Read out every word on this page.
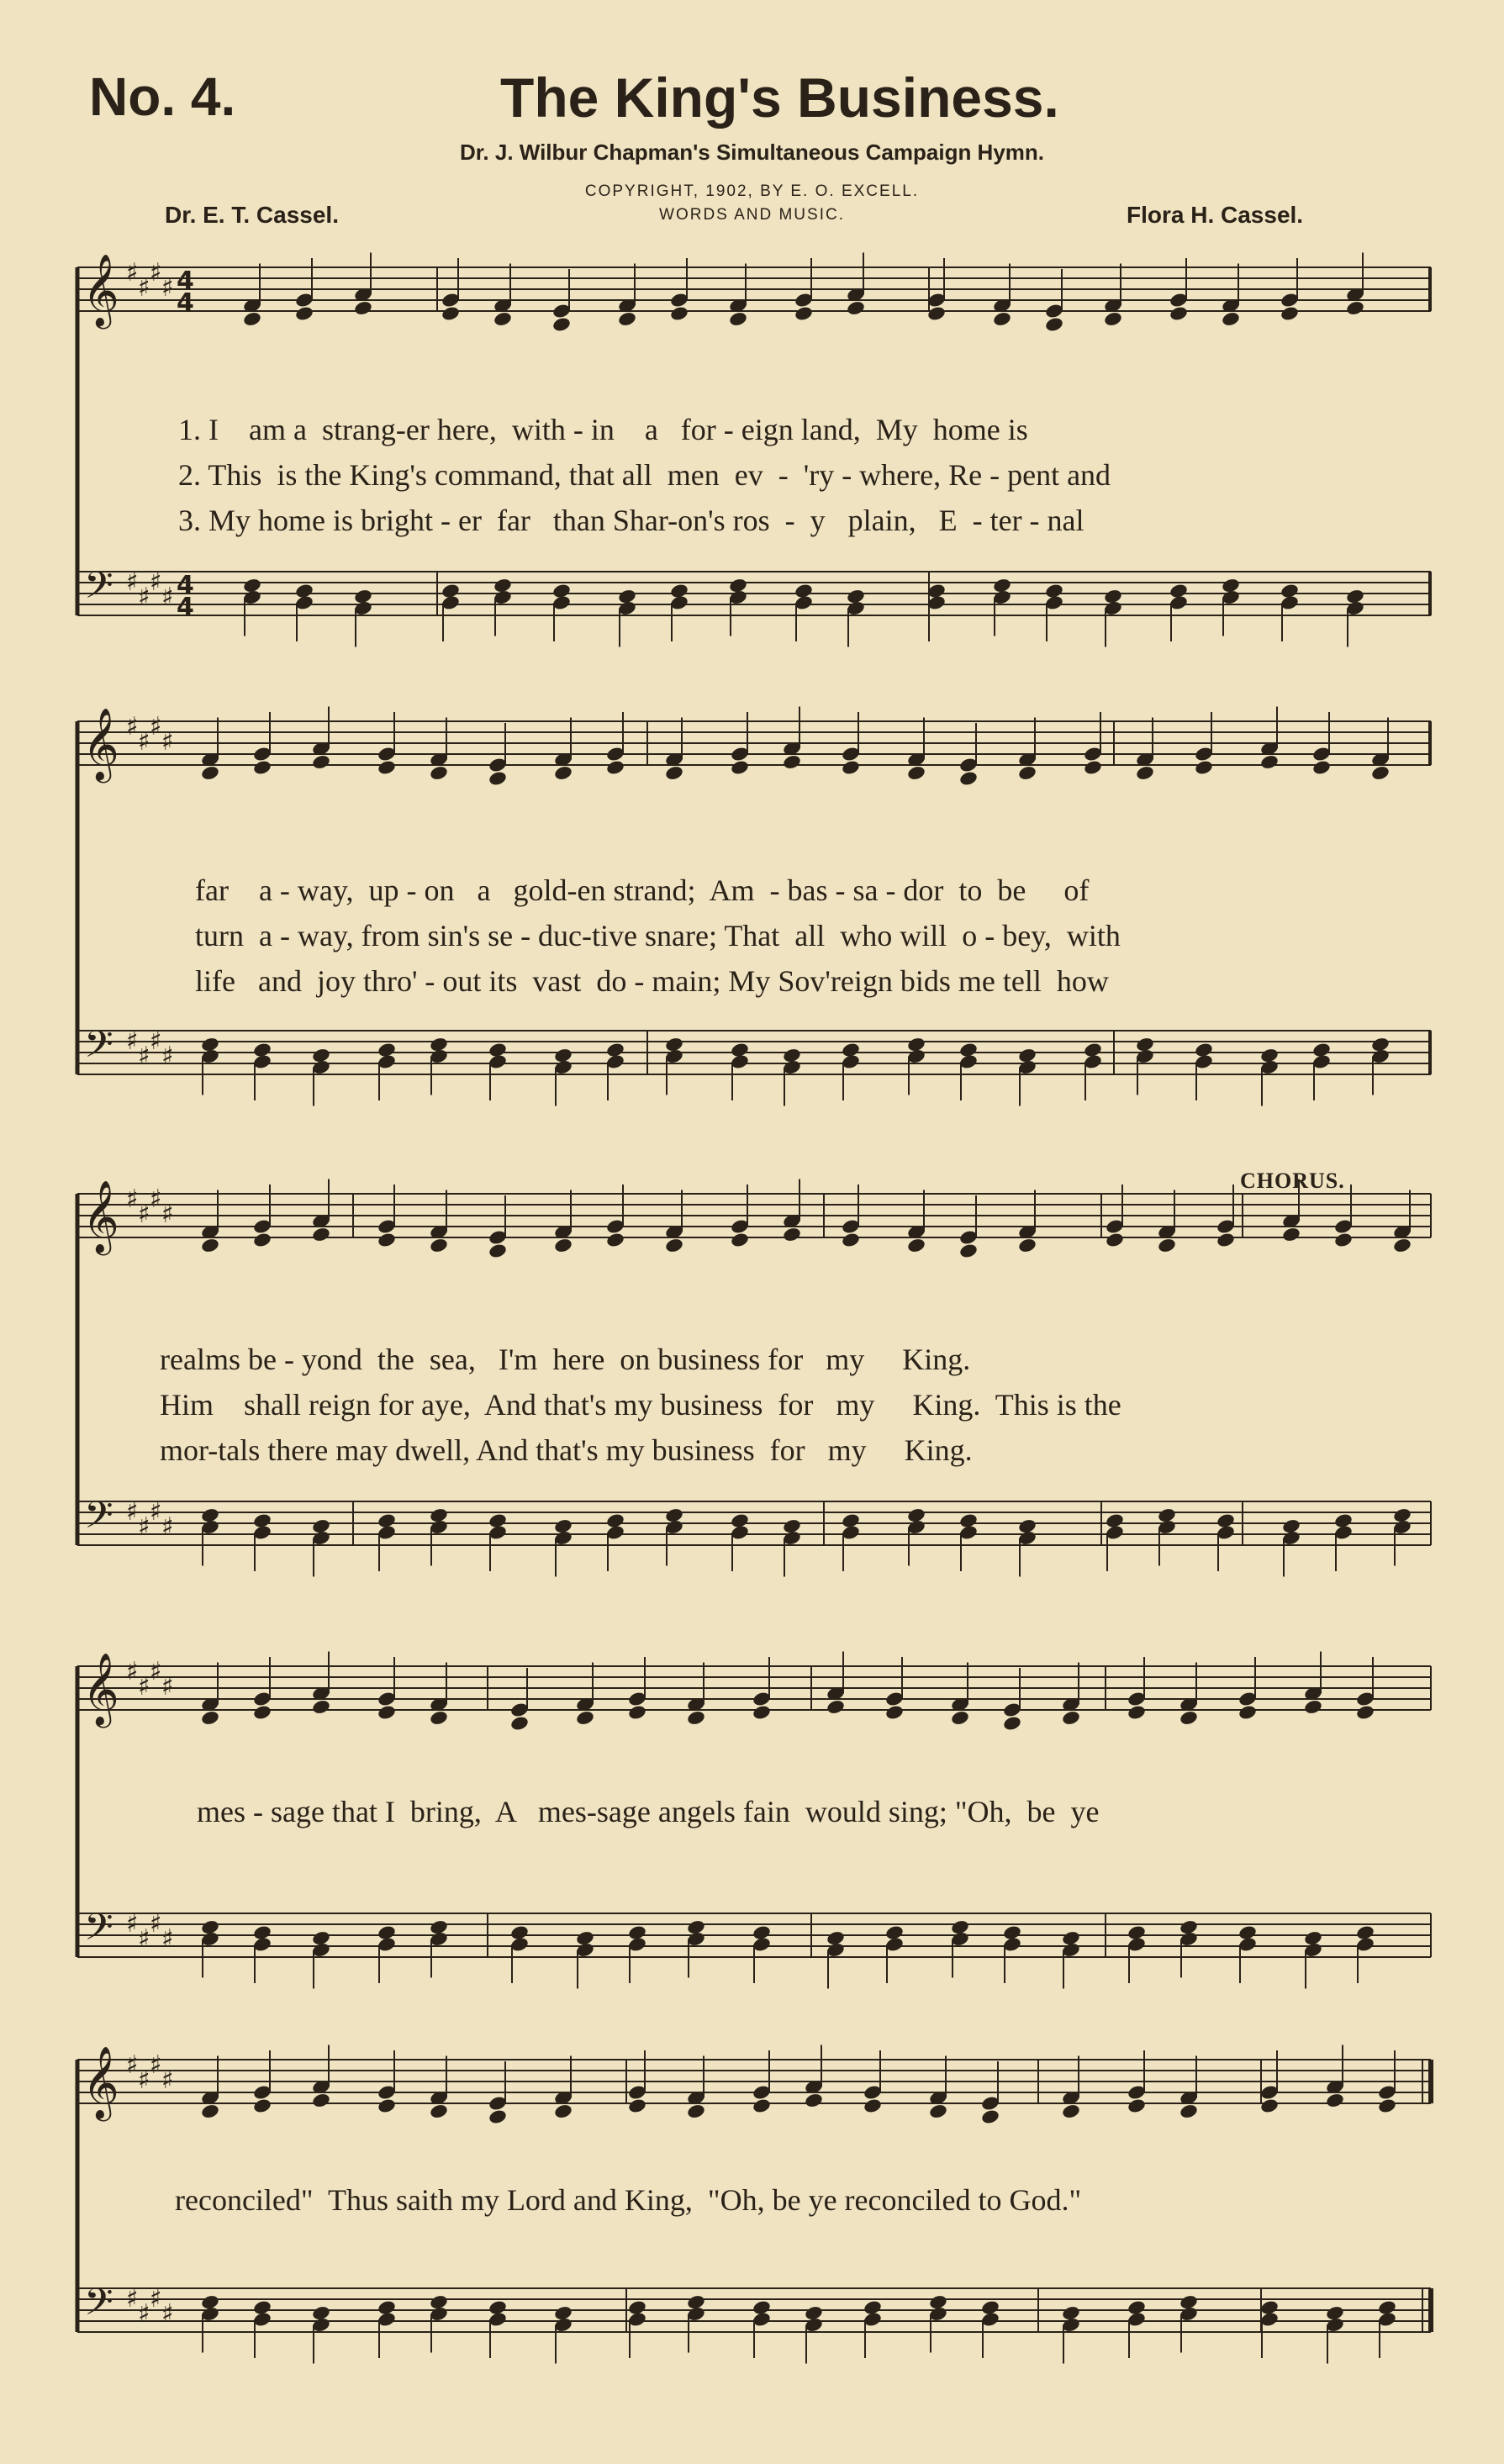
No. 4.	The King's Business.
Dr. J. Wilbur Chapman's Simultaneous Campaign Hymn.
COPYRIGHT, 1902, BY E. O. EXCELL.
WORDS AND MUSIC.
Dr. E. T. Cassel.	Flora H. Cassel.
𝄞
𝄢
♯
♯
♯
♯
♯
♯
♯
♯
4
4
4
4
𝄞
𝄢
♯
♯
♯
♯
♯
♯
♯
♯
𝄞
𝄢
♯
♯
♯
♯
♯
♯
♯
♯
𝄞
𝄢
♯
♯
♯
♯
♯
♯
♯
♯
𝄞
𝄢
♯
♯
♯
♯
♯
♯
♯
♯
CHORUS.
1. I    am a  strang-er here,  with - in    a   for - eign land,  My  home is
2. This  is the King's command, that all  men  ev  -  'ry - where, Re - pent and
3. My home is bright - er  far   than Shar-on's ros  -  y   plain,   E  - ter - nal
far    a - way,  up - on   a   gold-en strand;  Am  - bas - sa - dor  to  be     of
turn  a - way, from sin's se - duc-tive snare; That  all  who will  o - bey,  with
life   and  joy thro' - out its  vast  do - main; My Sov'reign bids me tell  how
realms be - yond  the  sea,   I'm  here  on business for   my     King.
Him    shall reign for aye,  And that's my business  for   my     King.  This is the
mor-tals there may dwell, And that's my business  for   my     King.
mes - sage that I  bring,  A   mes-sage angels fain  would sing; "Oh,  be  ye
reconciled"  Thus saith my Lord and King,  "Oh, be ye reconciled to God."
